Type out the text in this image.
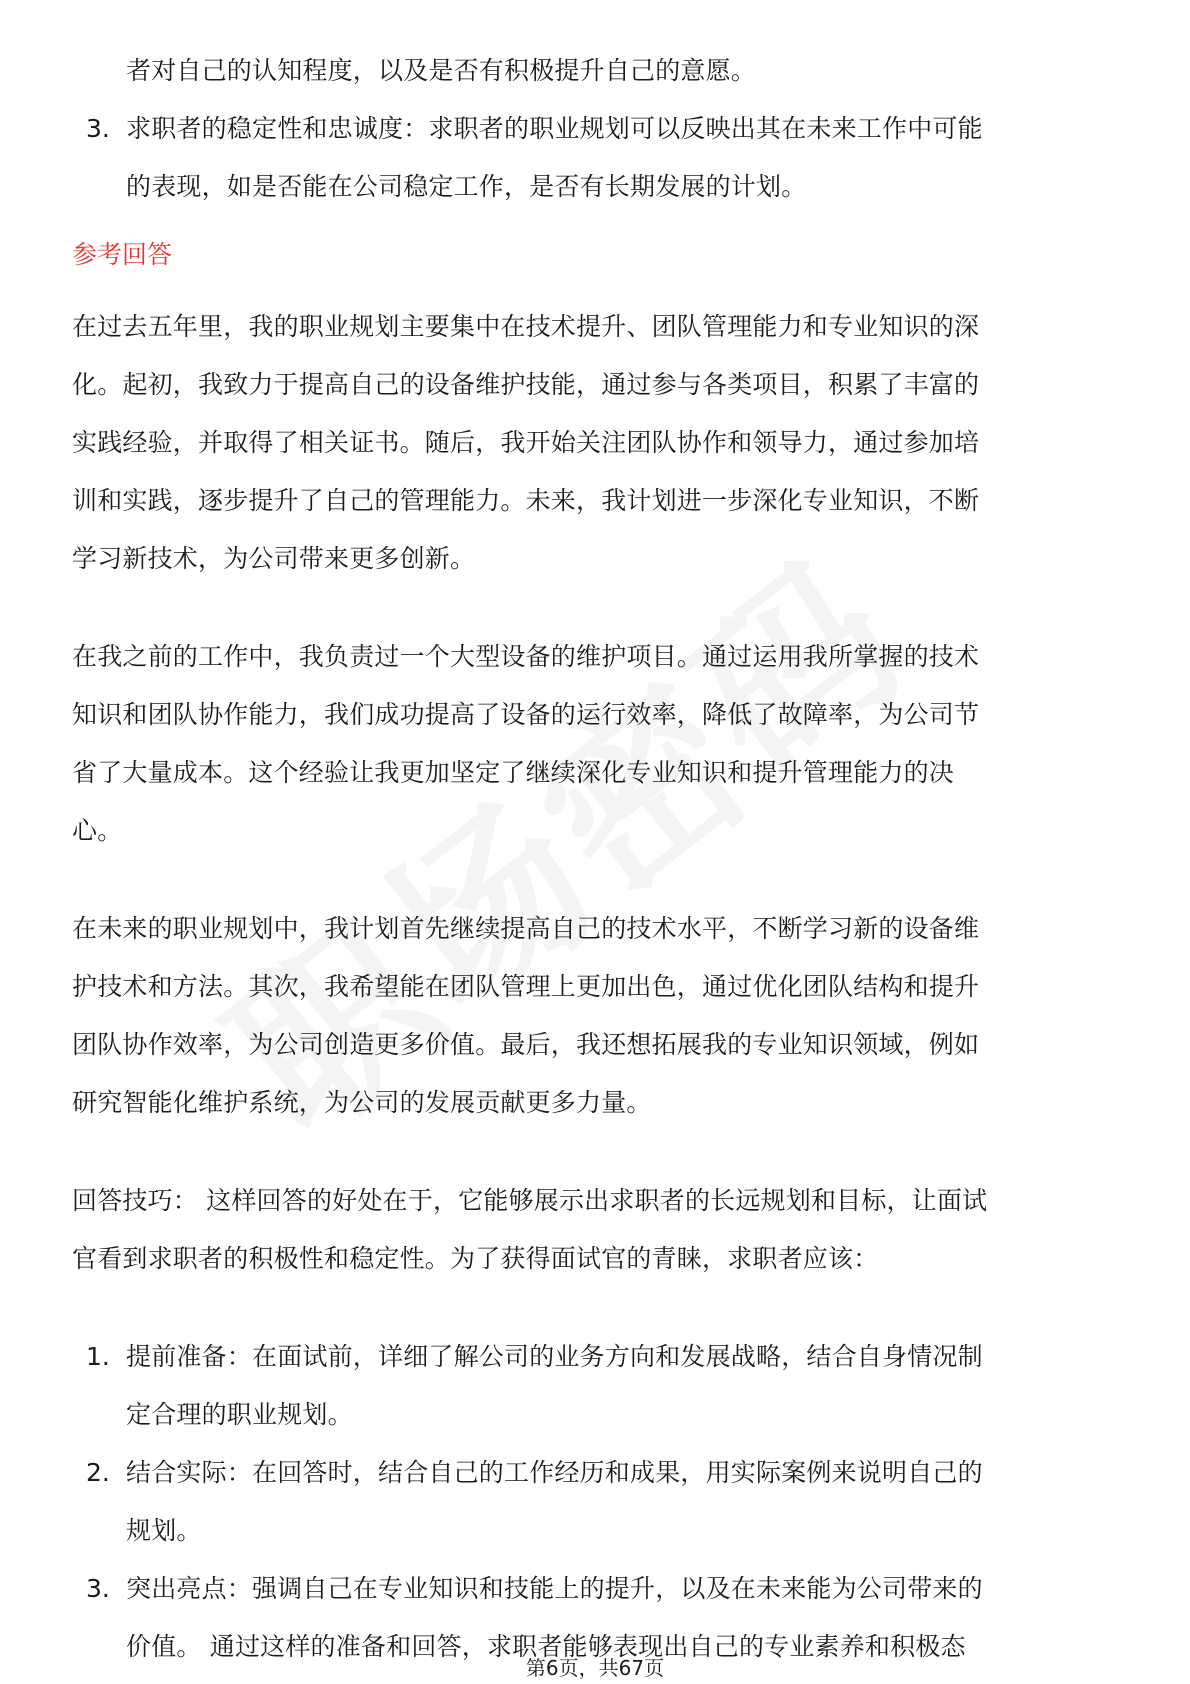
者对自己的认知程度，以及是否有积极提升自己的意愿。
3. 求职者的稳定性和忠诚度：求职者的职业规划可以反映出其在未来工作中可能
的表现，如是否能在公司稳定工作，是否有长期发展的计划。
参考回答
在过去五年里，我的职业规划主要集中在技术提升、团队管理能力和专业知识的深
化。起初，我致力于提高自己的设备维护技能，通过参与各类项目，积累了丰富的
实践经验，并取得了相关证书。随后，我开始关注团队协作和领导力，通过参加培
训和实践，逐步提升了自己的管理能力。未来，我计划进一步深化专业知识，不断
学习新技术，为公司带来更多创新。
在我之前的工作中，我负责过一个大型设备的维护项目。通过运用我所掌握的技术
知识和团队协作能力，我们成功提高了设备的运行效率，降低了故障率，为公司节
省了大量成本。这个经验让我更加坚定了继续深化专业知识和提升管理能力的决
心。
在未来的职业规划中，我计划首先继续提高自己的技术水平，不断学习新的设备维
护技术和方法。其次，我希望能在团队管理上更加出色，通过优化团队结构和提升
团队协作效率，为公司创造更多价值。最后，我还想拓展我的专业知识领域，例如
研究智能化维护系统，为公司的发展贡献更多力量。
回答技巧： 这样回答的好处在于，它能够展示出求职者的长远规划和目标，让面试
官看到求职者的积极性和稳定性。为了获得面试官的青睐，求职者应该：
1. 提前准备：在面试前，详细了解公司的业务方向和发展战略，结合自身情况制
定合理的职业规划。
2. 结合实际：在回答时，结合自己的工作经历和成果，用实际案例来说明自己的
规划。
3. 突出亮点：强调自己在专业知识和技能上的提升，以及在未来能为公司带来的
价值。 通过这样的准备和回答，求职者能够表现出自己的专业素养和积极态
第6页，共67页
